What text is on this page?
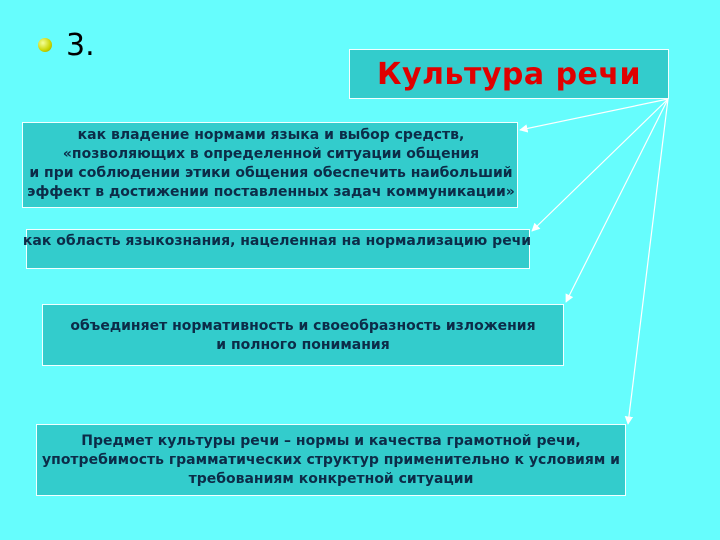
3.
Культура речи
как владение нормами языка и выбор средств,
«позволяющих в определенной ситуации общения
и при соблюдении этики общения обеспечить наибольший
эффект в достижении поставленных задач коммуникации»
как область языкознания, нацеленная на нормализацию речи
объединяет нормативность и своеобразность изложения
и полного понимания
Предмет культуры речи – нормы и качества грамотной речи,
употребимость грамматических структур применительно к условиям и
требованиям конкретной ситуации
